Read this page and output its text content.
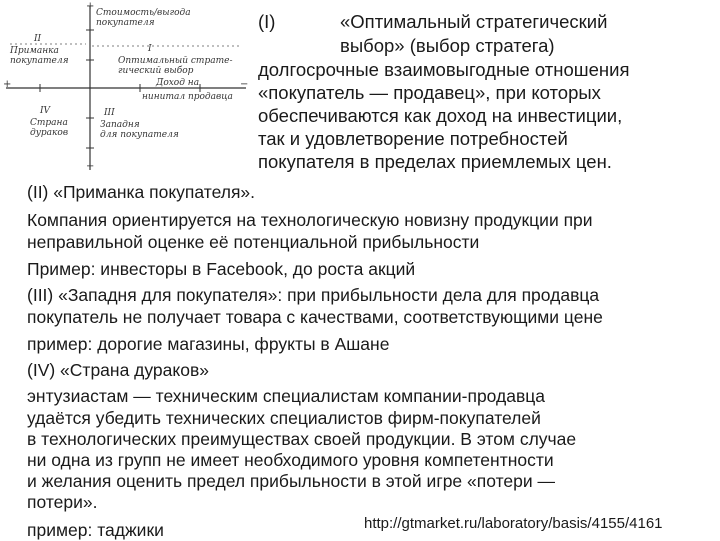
+
−
+	−
Стоимость/выгода
покупателя
I
Оптимальный страте-
гический выбор
Доход на
нинитал продавца
II
Приманка
покупателя
III
Западня
для покупателя
IV
Страна
дураков
(I)	«Оптимальный стратегический
выбор» (выбор стратега)
долгосрочные взаимовыгодные отношения
«покупатель — продавец», при которых
обеспечиваются как доход на инвестиции,
так и удовлетворение потребностей
покупателя в пределах приемлемых цен.

(II) «Приманка покупателя».

Компания ориентируется на технологическую новизну продукции при

неправильной оценке её потенциальной прибыльности

Пример: инвесторы в Facebook, до роста акций

(III) «Западня для покупателя»: при прибыльности дела для продавца

покупатель не получает товара с качествами, соответствующими цене

пример: дорогие магазины, фрукты в Ашане

(IV) «Страна дураков»

энтузиастам — техническим специалистам компании-продавца

удаётся убедить технических специалистов фирм-покупателей

в технологических преимуществах своей продукции. В этом случае

ни одна из групп не имеет необходимого уровня компетентности

и желания оценить предел прибыльности в этой игре «потери —

потери».

пример: таджики	http://gtmarket.ru/laboratory/basis/4155/4161
